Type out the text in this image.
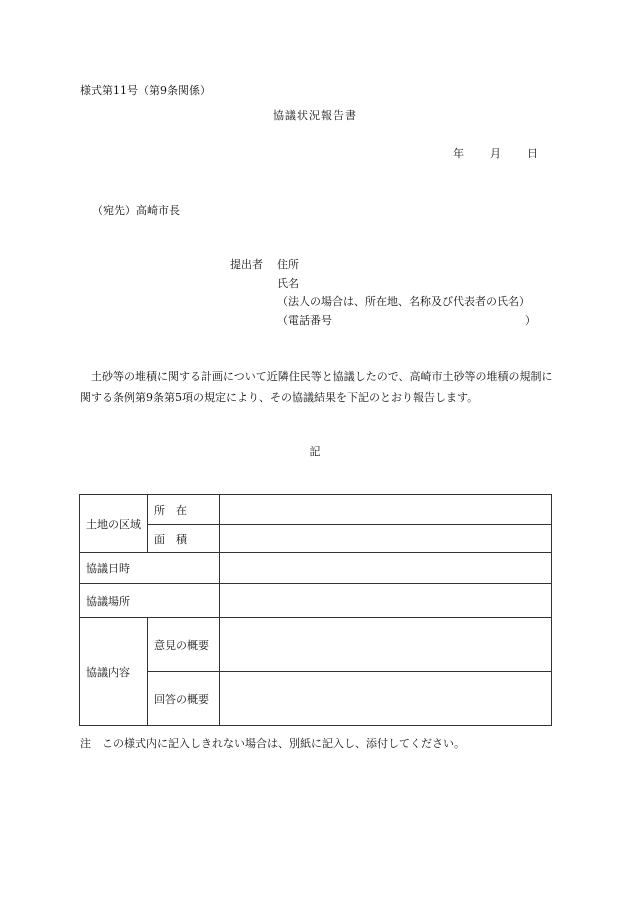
様式第11号（第9条関係）
協議状況報告書
年 月 日
（宛先）高崎市長
提出者 住所
氏名
（法人の場合は、所在地、名称及び代表者の氏名）
（電話番号	）
土砂等の堆積に関する計画について近隣住民等と協議したので、高崎市土砂等の堆積の規制に関する条例第9条第5項の規定により、その協議結果を下記のとおり報告します。
記
土地の区域	所　在	
	面　積	
協議日時		
協議場所		
協議内容	意見の概要	
	回答の概要	
注　この様式内に記入しきれない場合は、別紙に記入し、添付してください。
